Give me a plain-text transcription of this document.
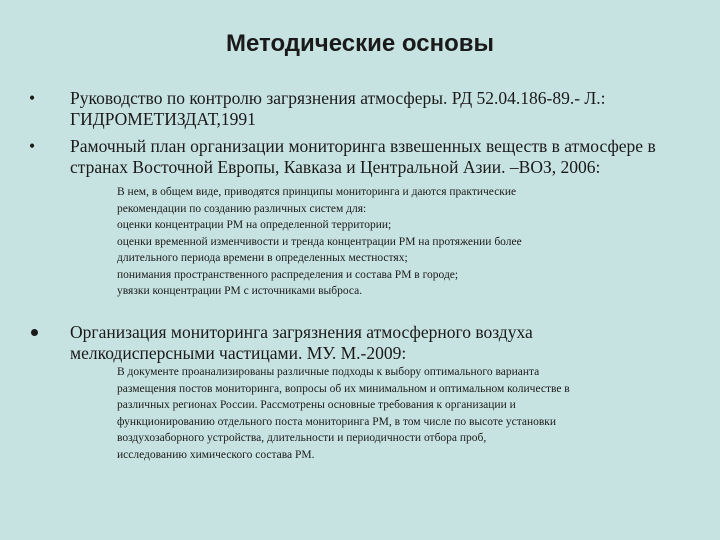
Методические основы
•	Руководство по контролю загрязнения атмосферы. РД 52.04.186-89.- Л.:
ГИДРОМЕТИЗДАТ,1991
•	Рамочный план организации мониторинга взвешенных веществ в атмосфере в
странах Восточной Европы, Кавказа и Центральной Азии. –ВОЗ, 2006:
В нем, в общем виде, приводятся принципы мониторинга и даются практические
рекомендации по созданию различных систем для:
оценки концентрации PM на определенной территории;
оценки временной изменчивости и тренда концентрации PM на протяжении более
длительного периода времени в определенных местностях;
понимания пространственного распределения и состава PM в городе;
увязки концентрации PM с источниками выброса.
Организация мониторинга загрязнения атмосферного воздуха
мелкодисперсными частицами. МУ. М.-2009:
В документе проанализированы различные подходы к выбору оптимального варианта
размещения постов мониторинга, вопросы об их минимальном и оптимальном количестве в
различных регионах России. Рассмотрены основные требования к организации и
функционированию отдельного поста мониторинга PM, в том числе по высоте установки
воздухозаборного устройства, длительности и периодичности отбора проб,
исследованию химического состава PM.
